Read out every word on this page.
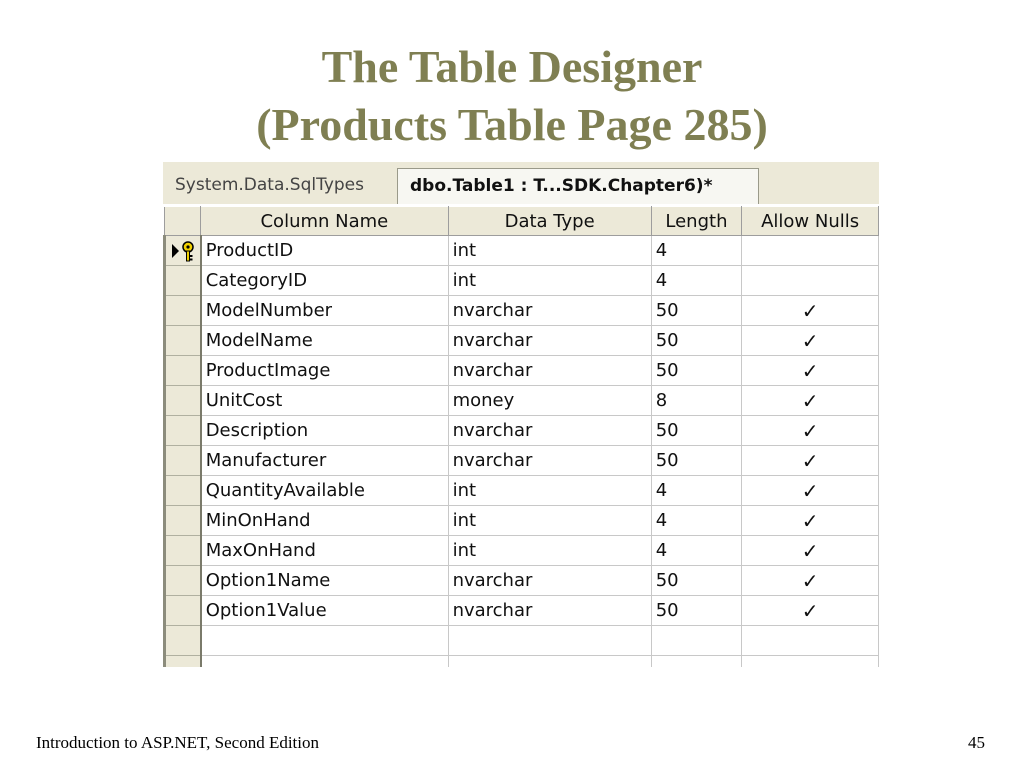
The Table Designer
(Products Table Page 285)
System.Data.SqlTypes	dbo.Table1 : T...SDK.Chapter6)*
	Column Name	Data Type	Length	Allow Nulls

	ProductID	int	4	
	CategoryID	int	4	
	ModelNumber	nvarchar	50	✓
	ModelName	nvarchar	50	✓
	ProductImage	nvarchar	50	✓
	UnitCost	money	8	✓
	Description	nvarchar	50	✓
	Manufacturer	nvarchar	50	✓
	QuantityAvailable	int	4	✓
	MinOnHand	int	4	✓
	MaxOnHand	int	4	✓
	Option1Name	nvarchar	50	✓
	Option1Value	nvarchar	50	✓

Introduction to ASP.NET, Second Edition	45
